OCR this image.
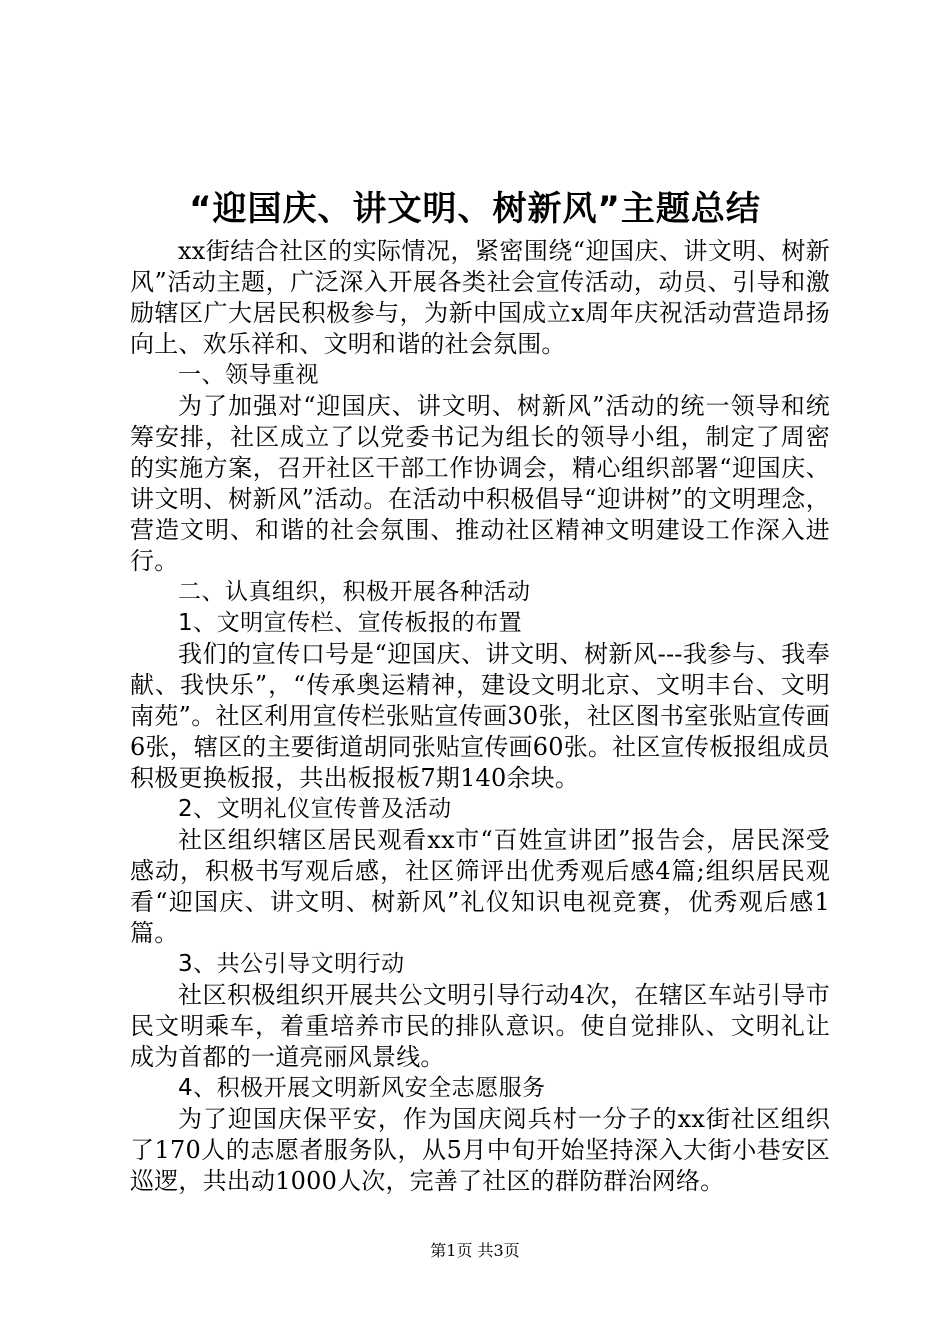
“迎国庆、讲文明、树新风”主题总结

xx街结合社区的实际情况，紧密围绕“迎国庆、讲文明、树新风”活动主题，广泛深入开展各类社会宣传活动，动员、引导和激励辖区广大居民积极参与，为新中国成立x周年庆祝活动营造昂扬向上、欢乐祥和、文明和谐的社会氛围。

一、领导重视

为了加强对“迎国庆、讲文明、树新风”活动的统一领导和统筹安排，社区成立了以党委书记为组长的领导小组，制定了周密的实施方案，召开社区干部工作协调会，精心组织部署“迎国庆、讲文明、树新风”活动。在活动中积极倡导“迎讲树”的文明理念，营造文明、和谐的社会氛围、推动社区精神文明建设工作深入进行。

二、认真组织，积极开展各种活动

1、文明宣传栏、宣传板报的布置

我们的宣传口号是“迎国庆、讲文明、树新风---我参与、我奉献、我快乐”，“传承奥运精神，建设文明北京、文明丰台、文明南苑”。社区利用宣传栏张贴宣传画30张，社区图书室张贴宣传画6张，辖区的主要街道胡同张贴宣传画60张。社区宣传板报组成员积极更换板报，共出板报板7期140余块。

2、文明礼仪宣传普及活动

社区组织辖区居民观看xx市“百姓宣讲团”报告会，居民深受感动，积极书写观后感，社区筛评出优秀观后感4篇;组织居民观看“迎国庆、讲文明、树新风”礼仪知识电视竞赛，优秀观后感1篇。

3、共公引导文明行动

社区积极组织开展共公文明引导行动4次，在辖区车站引导市民文明乘车，着重培养市民的排队意识。使自觉排队、文明礼让成为首都的一道亮丽风景线。

4、积极开展文明新风安全志愿服务

为了迎国庆保平安，作为国庆阅兵村一分子的xx街社区组织了170人的志愿者服务队，从5月中旬开始坚持深入大街小巷安区巡逻，共出动1000人次，完善了社区的群防群治网络。

第1页 共3页
